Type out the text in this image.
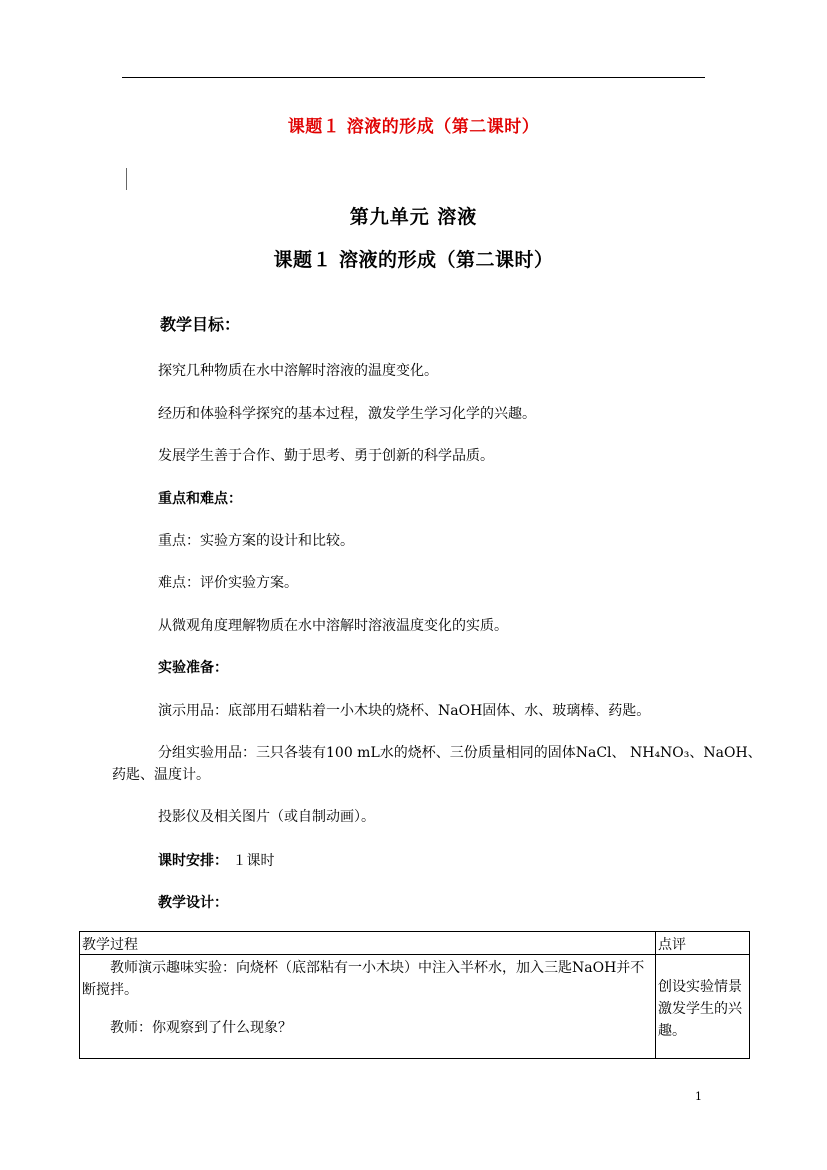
课题１ 溶液的形成（第二课时）
第九单元 溶液
课题１ 溶液的形成（第二课时）
教学目标：
探究几种物质在水中溶解时溶液的温度变化。
经历和体验科学探究的基本过程，激发学生学习化学的兴趣。
发展学生善于合作、勤于思考、勇于创新的科学品质。
重点和难点：
重点：实验方案的设计和比较。
难点：评价实验方案。
从微观角度理解物质在水中溶解时溶液温度变化的实质。
实验准备：
演示用品：底部用石蜡粘着一小木块的烧杯、NaOH固体、水、玻璃棒、药匙。
分组实验用品：三只各装有100 mL水的烧杯、三份质量相同的固体NaCl、 NH₄NO₃、NaOH、
药匙、温度计。
投影仪及相关图片（或自制动画）。
课时安排： １课时
教学设计：
教学过程	点评

教师演示趣味实验：向烧杯（底部粘有一小木块）中注入半杯水，加入三匙NaOH并不断搅拌。

教师：你观察到了什么现象？

创设实验情景激发学生的兴趣。
1
